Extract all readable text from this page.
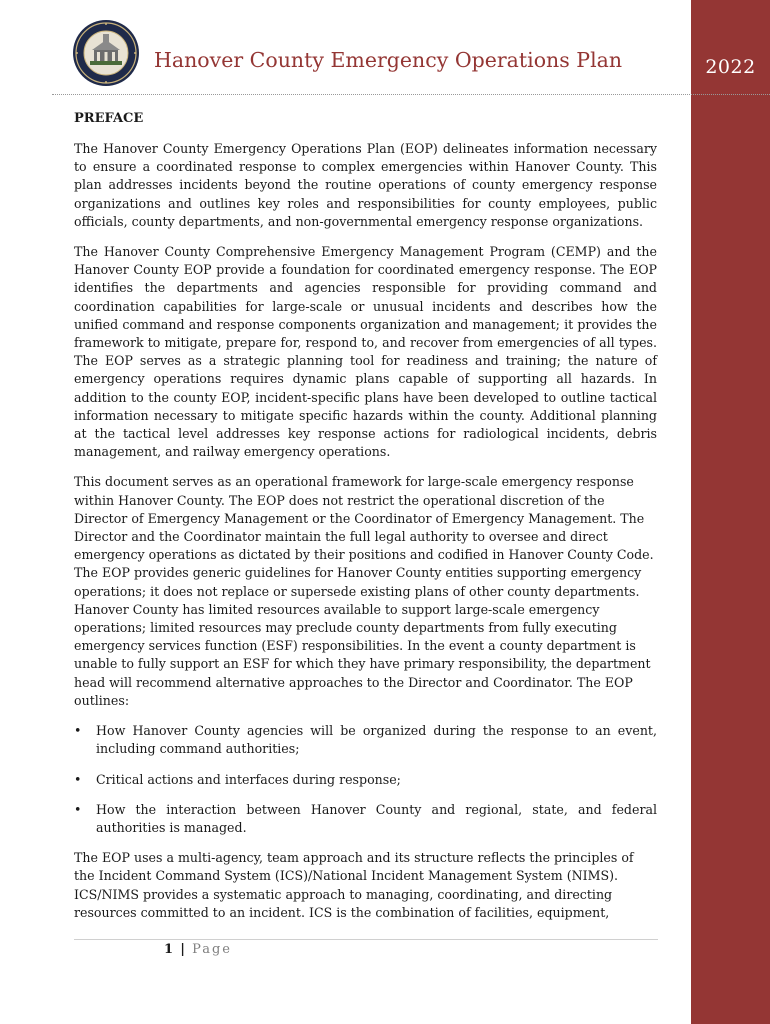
2022
Hanover County Emergency Operations Plan
PREFACE

The Hanover County Emergency Operations Plan (EOP) delineates information necessary to ensure a coordinated response to complex emergencies within Hanover County. This plan addresses incidents beyond the routine operations of county emergency response organizations and outlines key roles and responsibilities for county employees, public officials, county departments, and non-governmental emergency response organizations.

The Hanover County Comprehensive Emergency Management Program (CEMP) and the Hanover County EOP provide a foundation for coordinated emergency response. The EOP identifies the departments and agencies responsible for providing command and coordination capabilities for large-scale or unusual incidents and describes how the unified command and response components organization and management; it provides the framework to mitigate, prepare for, respond to, and recover from emergencies of all types. The EOP serves as a strategic planning tool for readiness and training; the nature of emergency operations requires dynamic plans capable of supporting all hazards. In addition to the county EOP, incident-specific plans have been developed to outline tactical information necessary to mitigate specific hazards within the county. Additional planning at the tactical level addresses key response actions for radiological incidents, debris management, and railway emergency operations.

This document serves as an operational framework for large-scale emergency response within Hanover County. The EOP does not restrict the operational discretion of the Director of Emergency Management or the Coordinator of Emergency Management. The Director and the Coordinator maintain the full legal authority to oversee and direct emergency operations as dictated by their positions and codified in Hanover County Code. The EOP provides generic guidelines for Hanover County entities supporting emergency operations; it does not replace or supersede existing plans of other county departments. Hanover County has limited resources available to support large-scale emergency operations; limited resources may preclude county departments from fully executing emergency services function (ESF) responsibilities. In the event a county department is unable to fully support an ESF for which they have primary responsibility, the department head will recommend alternative approaches to the Director and Coordinator. The EOP outlines:

• How Hanover County agencies will be organized during the response to an event, including command authorities;
• Critical actions and interfaces during response;
• How the interaction between Hanover County and regional, state, and federal authorities is managed.

The EOP uses a multi-agency, team approach and its structure reflects the principles of the Incident Command System (ICS)/National Incident Management System (NIMS). ICS/NIMS provides a systematic approach to managing, coordinating, and directing resources committed to an incident. ICS is the combination of facilities, equipment,

1 | Page
